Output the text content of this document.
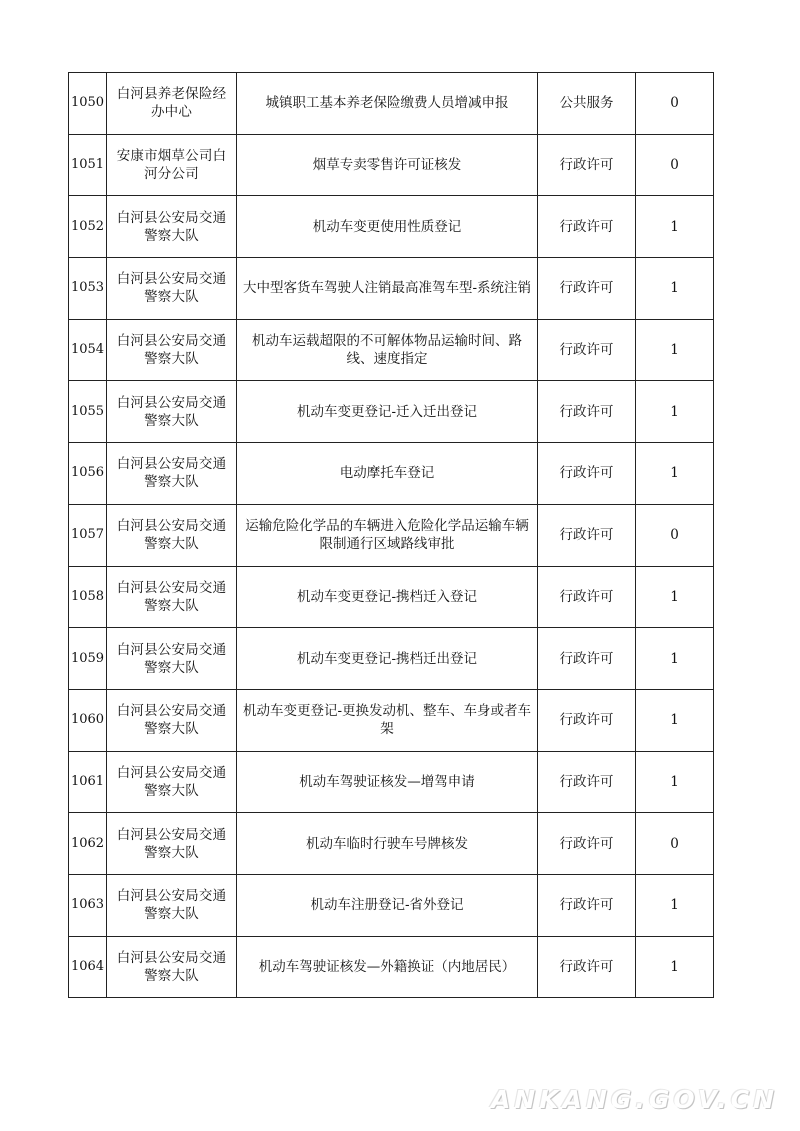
1050	白河县养老保险经办中心	城镇职工基本养老保险缴费人员增减申报	公共服务	0
1051	安康市烟草公司白河分公司	烟草专卖零售许可证核发	行政许可	0
1052	白河县公安局交通警察大队	机动车变更使用性质登记	行政许可	1
1053	白河县公安局交通警察大队	大中型客货车驾驶人注销最高准驾车型-系统注销	行政许可	1
1054	白河县公安局交通警察大队	机动车运载超限的不可解体物品运输时间、路线、速度指定	行政许可	1
1055	白河县公安局交通警察大队	机动车变更登记-迁入迁出登记	行政许可	1
1056	白河县公安局交通警察大队	电动摩托车登记	行政许可	1
1057	白河县公安局交通警察大队	运输危险化学品的车辆进入危险化学品运输车辆限制通行区域路线审批	行政许可	0
1058	白河县公安局交通警察大队	机动车变更登记-携档迁入登记	行政许可	1
1059	白河县公安局交通警察大队	机动车变更登记-携档迁出登记	行政许可	1
1060	白河县公安局交通警察大队	机动车变更登记-更换发动机、整车、车身或者车架	行政许可	1
1061	白河县公安局交通警察大队	机动车驾驶证核发—增驾申请	行政许可	1
1062	白河县公安局交通警察大队	机动车临时行驶车号牌核发	行政许可	0
1063	白河县公安局交通警察大队	机动车注册登记-省外登记	行政许可	1
1064	白河县公安局交通警察大队	机动车驾驶证核发—外籍换证（内地居民）	行政许可	1
ANKANG.GOV.CN
